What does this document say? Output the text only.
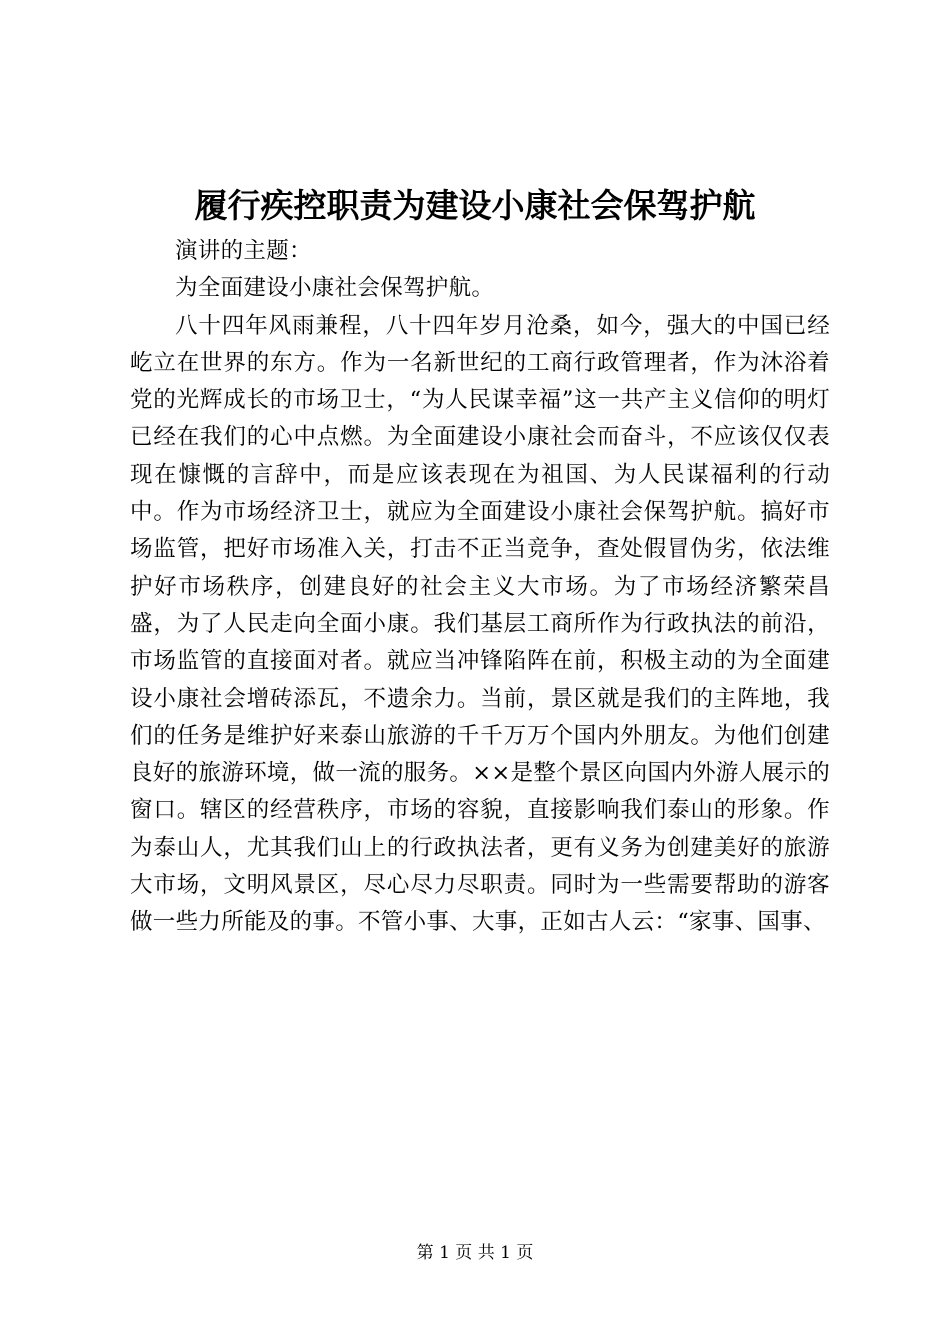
履行疾控职责为建设小康社会保驾护航

演讲的主题：

为全面建设小康社会保驾护航。

八十四年风雨兼程，八十四年岁月沧桑，如今，强大的中国已经屹立在世界的东方。作为一名新世纪的工商行政管理者，作为沐浴着党的光辉成长的市场卫士，“为人民谋幸福”这一共产主义信仰的明灯已经在我们的心中点燃。为全面建设小康社会而奋斗，不应该仅仅表现在慷慨的言辞中，而是应该表现在为祖国、为人民谋福利的行动中。作为市场经济卫士，就应为全面建设小康社会保驾护航。搞好市场监管，把好市场准入关，打击不正当竞争，查处假冒伪劣，依法维护好市场秩序，创建良好的社会主义大市场。为了市场经济繁荣昌盛，为了人民走向全面小康。我们基层工商所作为行政执法的前沿，市场监管的直接面对者。就应当冲锋陷阵在前，积极主动的为全面建设小康社会增砖添瓦，不遗余力。当前，景区就是我们的主阵地，我们的任务是维护好来泰山旅游的千千万万个国内外朋友。为他们创建良好的旅游环境，做一流的服务。××是整个景区向国内外游人展示的窗口。辖区的经营秩序，市场的容貌，直接影响我们泰山的形象。作为泰山人，尤其我们山上的行政执法者，更有义务为创建美好的旅游大市场，文明风景区，尽心尽力尽职责。同时为一些需要帮助的游客做一些力所能及的事。不管小事、大事，正如古人云：“家事、国事、

第 1 页 共 1 页
